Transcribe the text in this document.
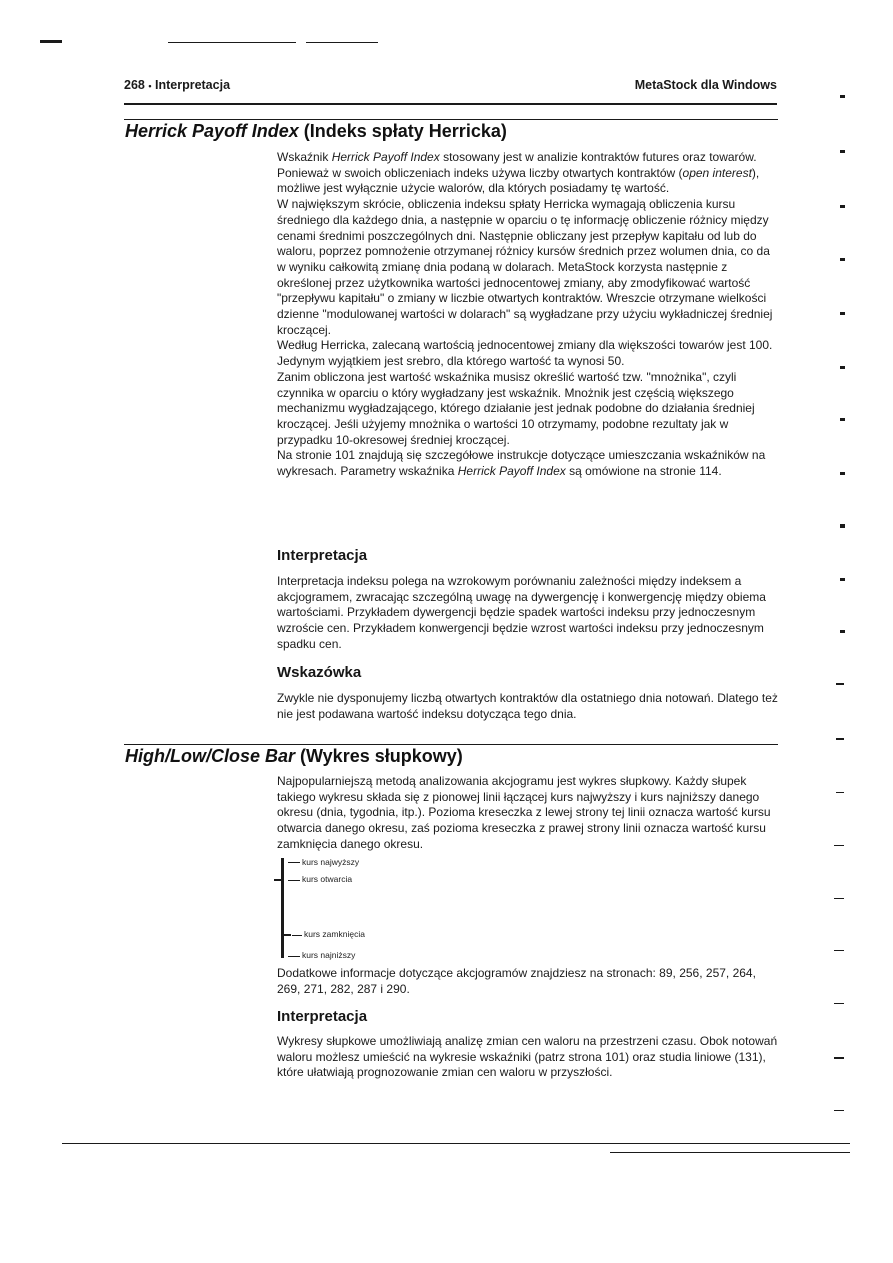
268 • Interpretacja	MetaStock dla Windows
Herrick Payoff Index (Indeks spłaty Herricka)

Wskaźnik Herrick Payoff Index stosowany jest w analizie kontraktów futures oraz towarów. Ponieważ w swoich obliczeniach indeks używa liczby otwartych kontraktów (open interest), możliwe jest wyłącznie użycie walorów, dla których posiadamy tę wartość.

W największym skrócie, obliczenia indeksu spłaty Herricka wymagają obliczenia kursu średniego dla każdego dnia, a następnie w oparciu o tę informację obliczenie różnicy między cenami średnimi poszczególnych dni. Następnie obliczany jest przepływ kapitału od lub do waloru, poprzez pomnożenie otrzymanej różnicy kursów średnich przez wolumen dnia, co da w wyniku całkowitą zmianę dnia podaną w dolarach. MetaStock korzysta następnie z określonej przez użytkownika wartości jednocentowej zmiany, aby zmodyfikować wartość "przepływu kapitału" o zmiany w liczbie otwartych kontraktów. Wreszcie otrzymane wielkości dzienne "modulowanej wartości w dolarach" są wygładzane przy użyciu wykładniczej średniej kroczącej.

Według Herricka, zalecaną wartością jednocentowej zmiany dla większości towarów jest 100. Jedynym wyjątkiem jest srebro, dla którego wartość ta wynosi 50.

Zanim obliczona jest wartość wskaźnika musisz określić wartość tzw. "mnożnika", czyli czynnika w oparciu o który wygładzany jest wskaźnik. Mnożnik jest częścią większego mechanizmu wygładzającego, którego działanie jest jednak podobne do działania średniej kroczącej. Jeśli użyjemy mnożnika o wartości 10 otrzymamy, podobne rezultaty jak w przypadku 10-okresowej średniej kroczącej.

Na stronie 101 znajdują się szczegółowe instrukcje dotyczące umieszczania wskaźników na wykresach. Parametry wskaźnika Herrick Payoff Index są omówione na stronie 114.

Interpretacja

Interpretacja indeksu polega na wzrokowym porównaniu zależności między indeksem a akcjogramem, zwracając szczególną uwagę na dywergencję i konwergencję między obiema wartościami. Przykładem dywergencji będzie spadek wartości indeksu przy jednoczesnym wzroście cen. Przykładem konwergencji będzie wzrost wartości indeksu przy jednoczesnym spadku cen.

Wskazówka

Zwykle nie dysponujemy liczbą otwartych kontraktów dla ostatniego dnia notowań. Dlatego też nie jest podawana wartość indeksu dotycząca tego dnia.

High/Low/Close Bar (Wykres słupkowy)

Najpopularniejszą metodą analizowania akcjogramu jest wykres słupkowy. Każdy słupek takiego wykresu składa się z pionowej linii łączącej kurs najwyższy i kurs najniższy danego okresu (dnia, tygodnia, itp.). Pozioma kreseczka z lewej strony tej linii oznacza wartość kursu otwarcia danego okresu, zaś pozioma kreseczka z prawej strony linii oznacza wartość kursu zamknięcia danego okresu.

kurs najwyższy
kurs otwarcia
kurs zamknięcia
kurs najniższy

Dodatkowe informacje dotyczące akcjogramów znajdziesz na stronach: 89, 256, 257, 264, 269, 271, 282, 287 i 290.

Interpretacja

Wykresy słupkowe umożliwiają analizę zmian cen waloru na przestrzeni czasu. Obok notowań waloru możlesz umieścić na wykresie wskaźniki (patrz strona 101) oraz studia liniowe (131), które ułatwiają prognozowanie zmian cen waloru w przyszłości.
